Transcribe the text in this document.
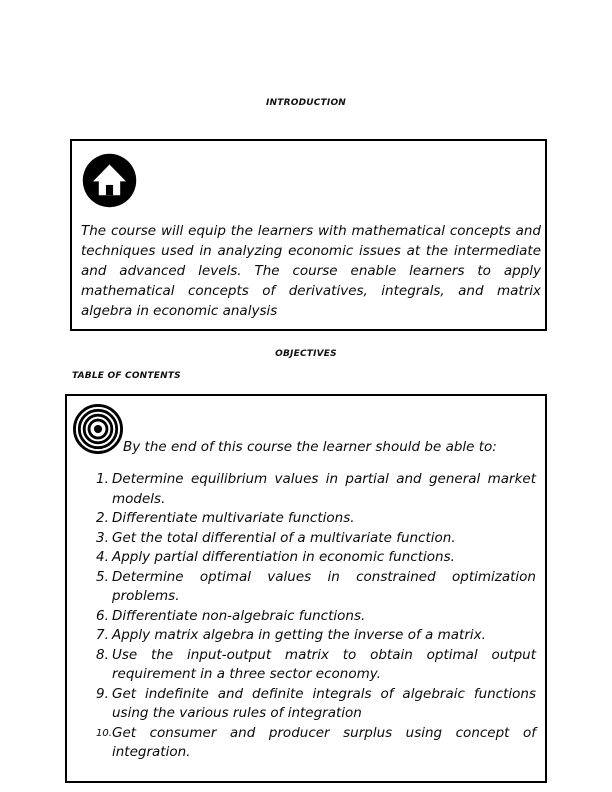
INTRODUCTION

The course will equip the learners with mathematical concepts and techniques used in analyzing economic issues at the intermediate and advanced levels. The course enable learners to apply mathematical concepts of derivatives, integrals, and matrix algebra in economic analysis

OBJECTIVES
TABLE OF CONTENTS
By the end of this course the learner should be able to:
1. Determine equilibrium values in partial and general market models.
2. Differentiate multivariate functions.
3. Get the total differential of a multivariate function.
4. Apply partial differentiation in economic functions.
5. Determine optimal values in constrained optimization problems.
6. Differentiate non-algebraic functions.
7. Apply matrix algebra in getting the inverse of a matrix.
8. Use the input-output matrix to obtain optimal output requirement in a three sector economy.
9. Get indefinite and definite integrals of algebraic functions using the various rules of integration
10. Get consumer and producer surplus using concept of integration.
